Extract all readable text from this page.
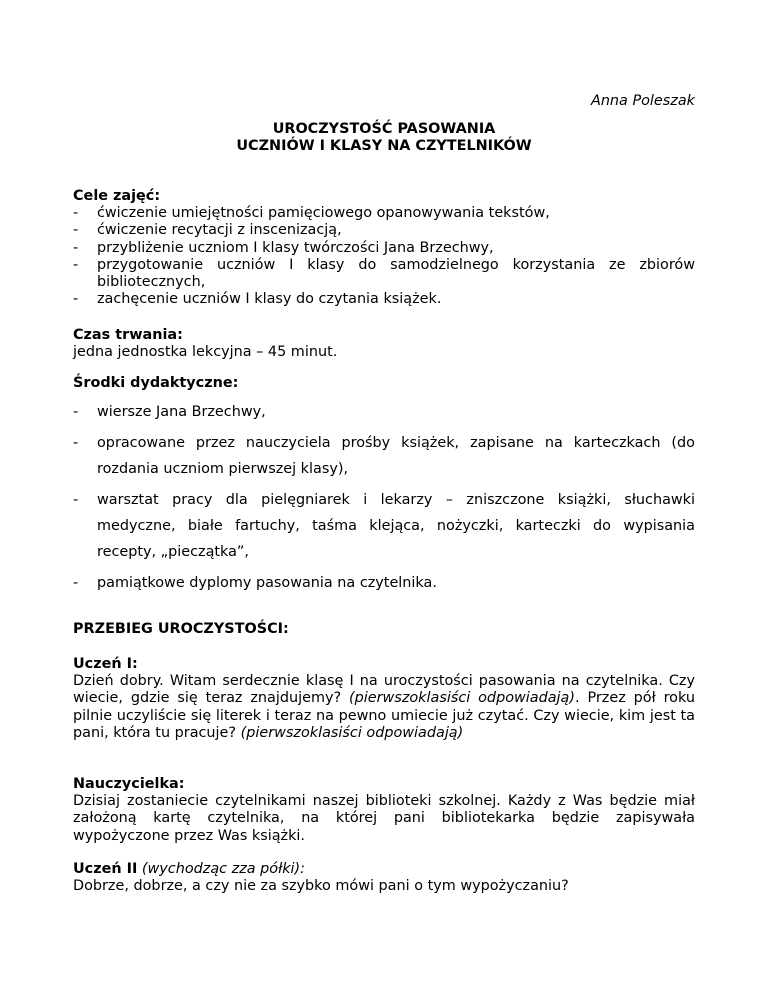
Anna Poleszak
UROCZYSTOŚĆ PASOWANIA
UCZNIÓW I KLASY NA CZYTELNIKÓW
Cele zajęć:
- ćwiczenie umiejętności pamięciowego opanowywania tekstów,
- ćwiczenie recytacji z inscenizacją,
- przybliżenie uczniom I klasy twórczości Jana Brzechwy,
- przygotowanie uczniów I klasy do samodzielnego korzystania ze zbiorów bibliotecznych,
- zachęcenie uczniów I klasy do czytania książek.
Czas trwania:
jedna jednostka lekcyjna – 45 minut.
Środki dydaktyczne:
- wiersze Jana Brzechwy,
- opracowane przez nauczyciela prośby książek, zapisane na karteczkach (do rozdania uczniom pierwszej klasy),
- warsztat pracy dla pielęgniarek i lekarzy – zniszczone książki, słuchawki medyczne, białe fartuchy, taśma klejąca, nożyczki, karteczki do wypisania recepty, „pieczątka”,
- pamiątkowe dyplomy pasowania na czytelnika.
PRZEBIEG UROCZYSTOŚCI:
Uczeń I:
Dzień dobry. Witam serdecznie klasę I na uroczystości pasowania na czytelnika. Czy wiecie, gdzie się teraz znajdujemy? (pierwszoklasiści odpowiadają). Przez pół roku pilnie uczyliście się literek i teraz na pewno umiecie już czytać. Czy wiecie, kim jest ta pani, która tu pracuje? (pierwszoklasiści odpowiadają)
Nauczycielka:
Dzisiaj zostaniecie czytelnikami naszej biblioteki szkolnej. Każdy z Was będzie miał założoną kartę czytelnika, na której pani bibliotekarka będzie zapisywała wypożyczone przez Was książki.
Uczeń II (wychodząc zza półki):
Dobrze, dobrze, a czy nie za szybko mówi pani o tym wypożyczaniu?
